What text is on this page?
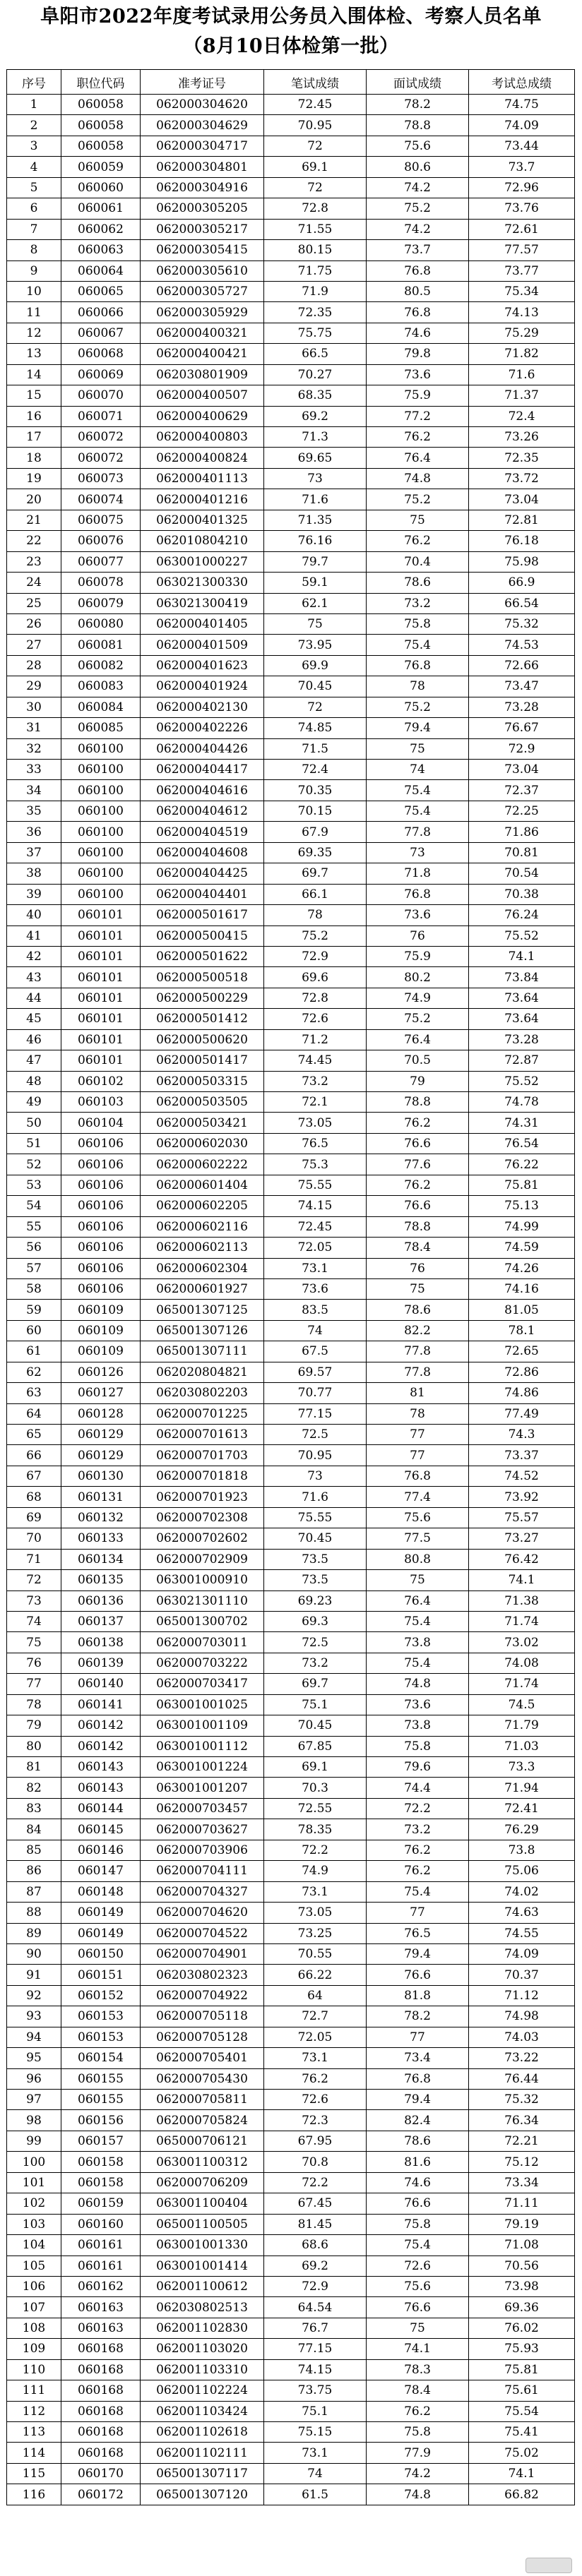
阜阳市2022年度考试录用公务员入围体检、考察人员名单
（8月10日体检第一批）
序号	职位代码	准考证号	笔试成绩	面试成绩	考试总成绩
1	060058	062000304620	72.45	78.2	74.75
2	060058	062000304629	70.95	78.8	74.09
3	060058	062000304717	72	75.6	73.44
4	060059	062000304801	69.1	80.6	73.7
5	060060	062000304916	72	74.2	72.96
6	060061	062000305205	72.8	75.2	73.76
7	060062	062000305217	71.55	74.2	72.61
8	060063	062000305415	80.15	73.7	77.57
9	060064	062000305610	71.75	76.8	73.77
10	060065	062000305727	71.9	80.5	75.34
11	060066	062000305929	72.35	76.8	74.13
12	060067	062000400321	75.75	74.6	75.29
13	060068	062000400421	66.5	79.8	71.82
14	060069	062030801909	70.27	73.6	71.6
15	060070	062000400507	68.35	75.9	71.37
16	060071	062000400629	69.2	77.2	72.4
17	060072	062000400803	71.3	76.2	73.26
18	060072	062000400824	69.65	76.4	72.35
19	060073	062000401113	73	74.8	73.72
20	060074	062000401216	71.6	75.2	73.04
21	060075	062000401325	71.35	75	72.81
22	060076	062010804210	76.16	76.2	76.18
23	060077	063001000227	79.7	70.4	75.98
24	060078	063021300330	59.1	78.6	66.9
25	060079	063021300419	62.1	73.2	66.54
26	060080	062000401405	75	75.8	75.32
27	060081	062000401509	73.95	75.4	74.53
28	060082	062000401623	69.9	76.8	72.66
29	060083	062000401924	70.45	78	73.47
30	060084	062000402130	72	75.2	73.28
31	060085	062000402226	74.85	79.4	76.67
32	060100	062000404426	71.5	75	72.9
33	060100	062000404417	72.4	74	73.04
34	060100	062000404616	70.35	75.4	72.37
35	060100	062000404612	70.15	75.4	72.25
36	060100	062000404519	67.9	77.8	71.86
37	060100	062000404608	69.35	73	70.81
38	060100	062000404425	69.7	71.8	70.54
39	060100	062000404401	66.1	76.8	70.38
40	060101	062000501617	78	73.6	76.24
41	060101	062000500415	75.2	76	75.52
42	060101	062000501622	72.9	75.9	74.1
43	060101	062000500518	69.6	80.2	73.84
44	060101	062000500229	72.8	74.9	73.64
45	060101	062000501412	72.6	75.2	73.64
46	060101	062000500620	71.2	76.4	73.28
47	060101	062000501417	74.45	70.5	72.87
48	060102	062000503315	73.2	79	75.52
49	060103	062000503505	72.1	78.8	74.78
50	060104	062000503421	73.05	76.2	74.31
51	060106	062000602030	76.5	76.6	76.54
52	060106	062000602222	75.3	77.6	76.22
53	060106	062000601404	75.55	76.2	75.81
54	060106	062000602205	74.15	76.6	75.13
55	060106	062000602116	72.45	78.8	74.99
56	060106	062000602113	72.05	78.4	74.59
57	060106	062000602304	73.1	76	74.26
58	060106	062000601927	73.6	75	74.16
59	060109	065001307125	83.5	78.6	81.05
60	060109	065001307126	74	82.2	78.1
61	060109	065001307111	67.5	77.8	72.65
62	060126	062020804821	69.57	77.8	72.86
63	060127	062030802203	70.77	81	74.86
64	060128	062000701225	77.15	78	77.49
65	060129	062000701613	72.5	77	74.3
66	060129	062000701703	70.95	77	73.37
67	060130	062000701818	73	76.8	74.52
68	060131	062000701923	71.6	77.4	73.92
69	060132	062000702308	75.55	75.6	75.57
70	060133	062000702602	70.45	77.5	73.27
71	060134	062000702909	73.5	80.8	76.42
72	060135	063001000910	73.5	75	74.1
73	060136	063021301110	69.23	76.4	71.38
74	060137	065001300702	69.3	75.4	71.74
75	060138	062000703011	72.5	73.8	73.02
76	060139	062000703222	73.2	75.4	74.08
77	060140	062000703417	69.7	74.8	71.74
78	060141	063001001025	75.1	73.6	74.5
79	060142	063001001109	70.45	73.8	71.79
80	060142	063001001112	67.85	75.8	71.03
81	060143	063001001224	69.1	79.6	73.3
82	060143	063001001207	70.3	74.4	71.94
83	060144	062000703457	72.55	72.2	72.41
84	060145	062000703627	78.35	73.2	76.29
85	060146	062000703906	72.2	76.2	73.8
86	060147	062000704111	74.9	76.2	75.06
87	060148	062000704327	73.1	75.4	74.02
88	060149	062000704620	73.05	77	74.63
89	060149	062000704522	73.25	76.5	74.55
90	060150	062000704901	70.55	79.4	74.09
91	060151	062030802323	66.22	76.6	70.37
92	060152	062000704922	64	81.8	71.12
93	060153	062000705118	72.7	78.2	74.98
94	060153	062000705128	72.05	77	74.03
95	060154	062000705401	73.1	73.4	73.22
96	060155	062000705430	76.2	76.8	76.44
97	060155	062000705811	72.6	79.4	75.32
98	060156	062000705824	72.3	82.4	76.34
99	060157	065000706121	67.95	78.6	72.21
100	060158	063001100312	70.8	81.6	75.12
101	060158	062000706209	72.2	74.6	73.34
102	060159	063001100404	67.45	76.6	71.11
103	060160	065001100505	81.45	75.8	79.19
104	060161	063001001330	68.6	75.4	71.08
105	060161	063001001414	69.2	72.6	70.56
106	060162	062001100612	72.9	75.6	73.98
107	060163	062030802513	64.54	76.6	69.36
108	060163	062001102830	76.7	75	76.02
109	060168	062001103020	77.15	74.1	75.93
110	060168	062001103310	74.15	78.3	75.81
111	060168	062001102224	73.75	78.4	75.61
112	060168	062001103424	75.1	76.2	75.54
113	060168	062001102618	75.15	75.8	75.41
114	060168	062001102111	73.1	77.9	75.02
115	060170	065001307117	74	74.2	74.1
116	060172	065001307120	61.5	74.8	66.82
